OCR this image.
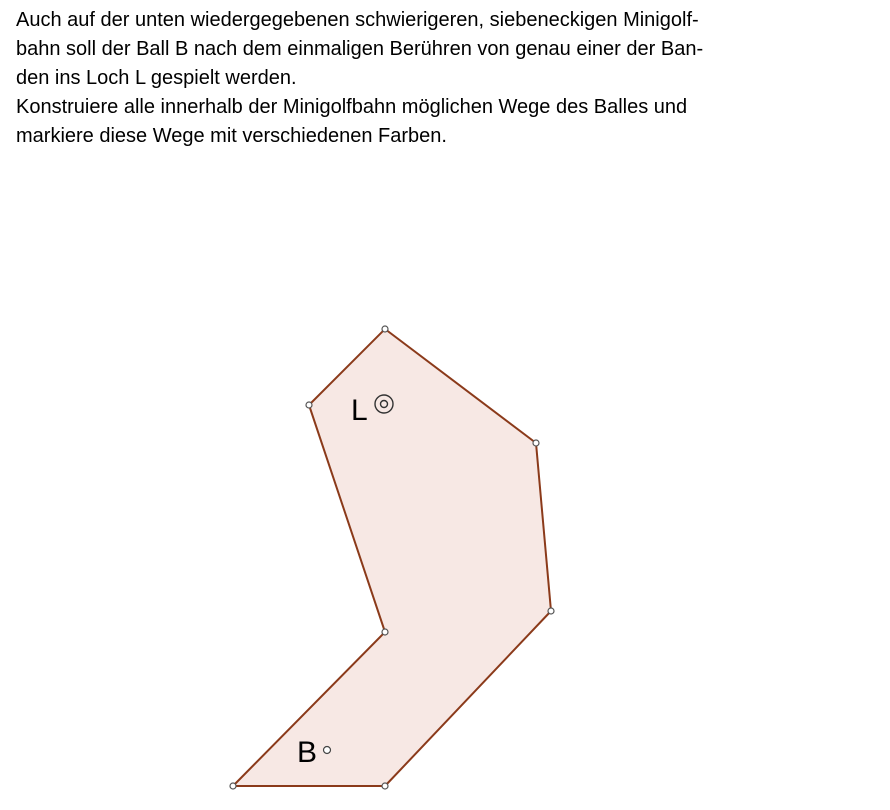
Auch auf der unten wiedergegebenen schwierigeren, siebeneckigen Minigolf-
bahn soll der Ball B nach dem einmaligen Berühren von genau einer der Ban-
den ins Loch L gespielt werden.
Konstruiere alle innerhalb der Minigolfbahn möglichen Wege des Balles und
markiere diese Wege mit verschiedenen Farben.
L
B
